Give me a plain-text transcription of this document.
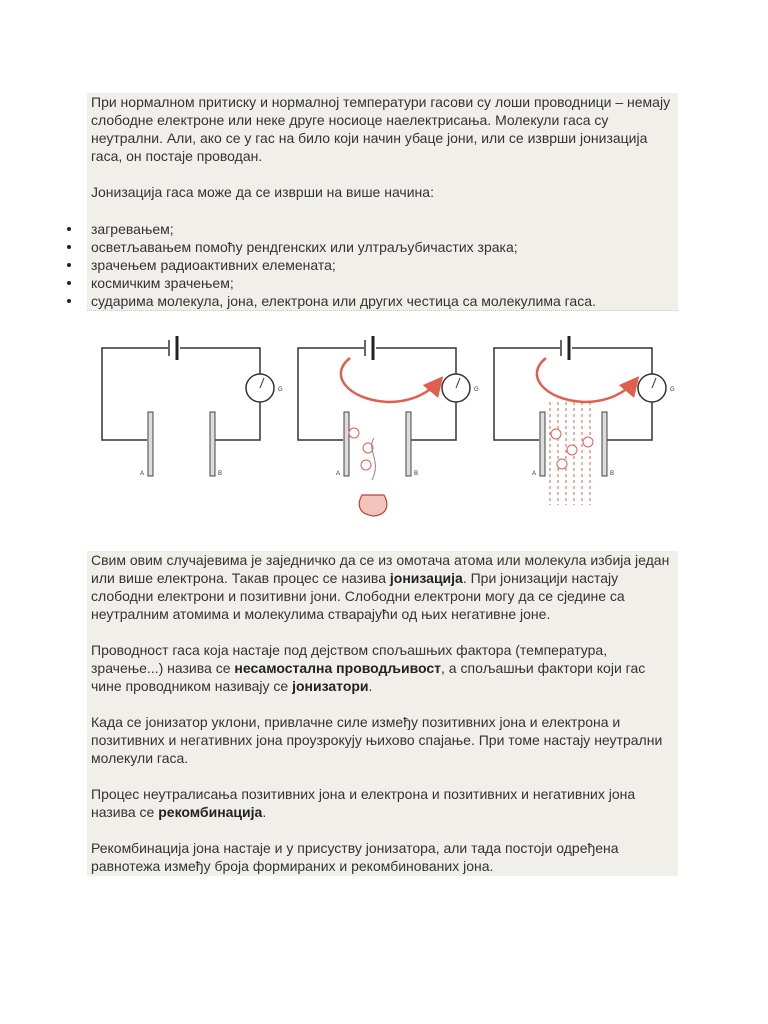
При нормалном притиску и нормалној температури гасови су лоши проводници – немају слободне електроне или неке друге носиоце наелектрисања. Молекули гаса су неутрални. Али, ако се у гас на било који начин убаце јони, или се изврши јонизација гаса, он постаје проводан.

Јонизација гаса може да се изврши на више начина:

загревањем;
осветљавањем помоћу рендгенских или ултраљубичастих зрака;
зрачењем радиоактивних елемената;
космичким зрачењем;
сударима молекула, јона, електрона или других честица са молекулима гаса.
G
A	B
G
A	B
G
A	B

Свим овим случајевима је заједничко да се из омотача атома или молекула избија један или више електрона. Такав процес се назива јонизација. При јонизацији настају слободни електрони и позитивни јони. Слободни електрони могу да се сједине са неутралним атомима и молекулима стварајући од њих негативне јоне.

Проводност гаса која настаје под дејством спољашњих фактора (температура, зрачење...) назива се несамостална проводљивост, а спољашњи фактори који гас чине проводником називају се јонизатори.

Када се јонизатор уклони, привлачне силе између позитивних јона и електрона и позитивних и негативних јона проузрокују њихово спајање. При томе настају неутрални молекули гаса.

Процес неутралисања позитивних јона и електрона и позитивних и негативних јона назива се рекомбинација.

Рекомбинација јона настаје и у присуству јонизатора, али тада постоји одређена равнотежа између броја формираних и рекомбинованих јона.
